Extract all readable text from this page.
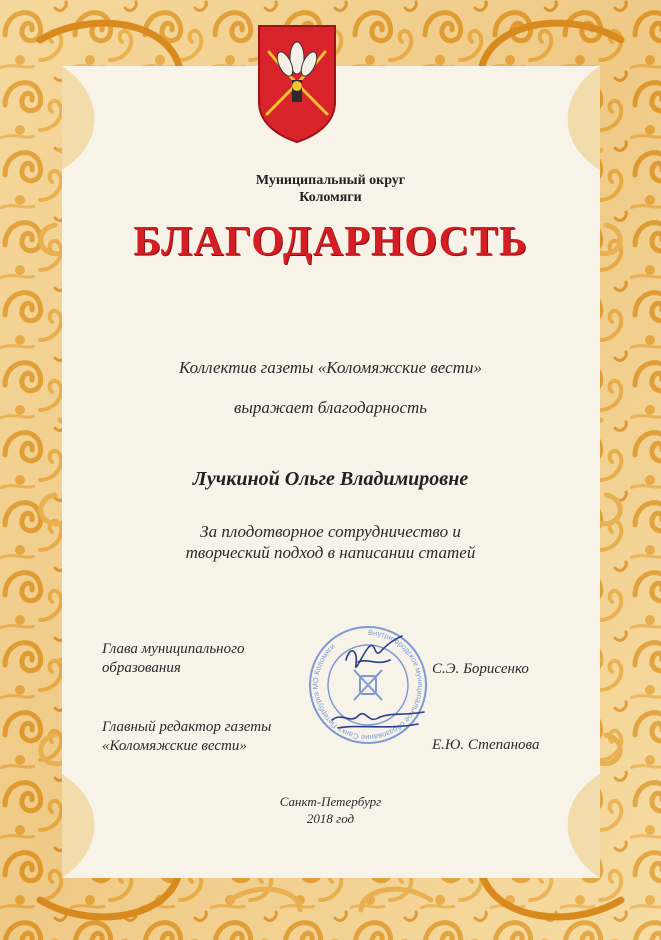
Муниципальный округ
Коломяги
БЛАГОДАРНОСТЬ
Коллектив газеты «Коломяжские вести»
выражает благодарность
Лучкиной Ольге Владимировне
За плодотворное сотрудничество и
творческий подход в написании статей
Глава муниципального
образования	С.Э. Борисенко
Главный редактор газеты
«Коломяжские вести»	Е.Ю. Степанова
Внутригородское муниципальное образование Санкт-Петербурга МО Коломяги
Санкт-Петербург
2018 год
